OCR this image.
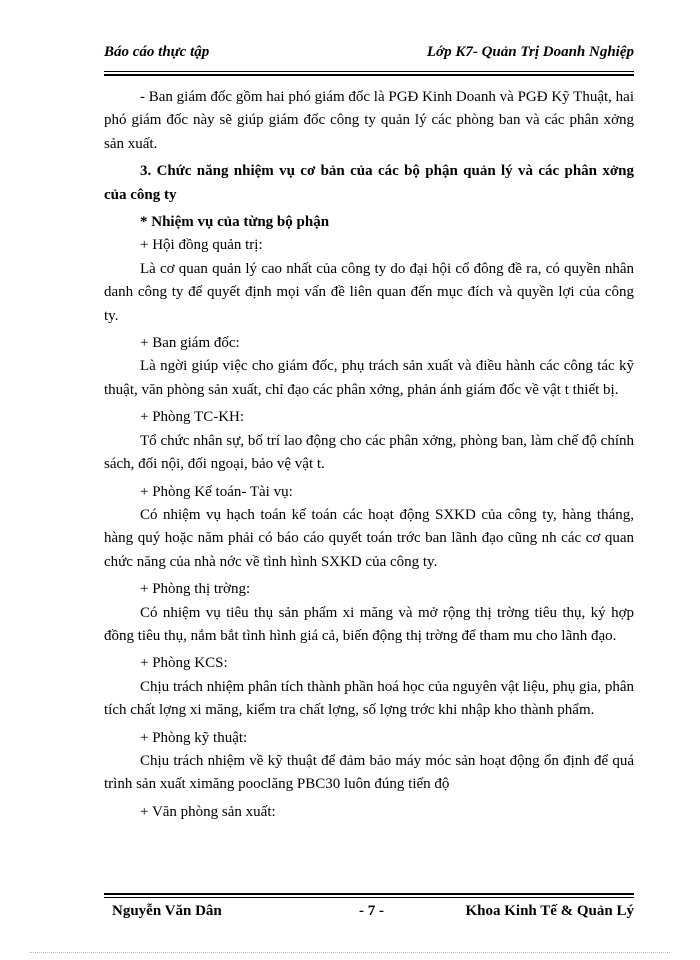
Báo cáo thực tập	Lớp K7- Quản Trị Doanh Nghiệp

- Ban giám đốc gồm hai phó giám đốc là PGĐ Kinh Doanh và PGĐ Kỹ Thuật, hai phó giám đốc này sẽ giúp giám đốc công ty quản lý các phòng ban và các phân xởng sản xuất.

3. Chức năng nhiệm vụ cơ bản của các bộ phận quản lý và các phân xởng của công ty

* Nhiệm vụ của từng bộ phận

+ Hội đồng quản trị:

Là cơ quan quản lý cao nhất của công ty do đại hội cổ đông đề ra, có quyền nhân danh công ty để quyết định mọi vấn đề liên quan đến mục đích và quyền lợi của công ty.

+ Ban giám đốc:

Là ngời giúp việc cho giám đốc, phụ trách sản xuất và điều hành các công tác kỹ thuật, văn phòng sản xuất, chỉ đạo các phân xởng, phản ánh giám đốc về vật t thiết bị.

+ Phòng TC-KH:

Tổ chức nhân sự, bố trí lao động cho các phân xởng, phòng ban, làm chế độ chính sách, đối nội, đối ngoại, bảo vệ vật t.

+ Phòng Kế toán- Tài vụ:

Có nhiệm vụ hạch toán kế toán các hoạt động SXKD của công ty, hàng tháng, hàng quý hoặc năm phải có báo cáo quyết toán trớc ban lãnh đạo cũng nh các cơ quan chức năng của nhà nớc về tình hình SXKD của công ty.

+ Phòng thị trờng:

Có nhiệm vụ tiêu thụ sản phẩm xi măng và mở rộng thị trờng tiêu thụ, ký hợp đồng tiêu thụ, nắm bắt tình hình giá cả, biến động thị trờng để tham mu cho lãnh đạo.

+ Phòng KCS:

Chịu trách nhiệm phân tích thành phần hoá học của nguyên vật liệu, phụ gia, phân tích chất lợng xi măng, kiểm tra chất lợng, số lợng trớc khi nhập kho thành phẩm.

+ Phòng kỹ thuật:

Chịu trách nhiệm về kỹ thuật để đảm bảo máy móc sản hoạt động ổn định để quá trình sản xuất ximăng pooclăng PBC30 luôn đúng tiến độ

+ Văn phòng sản xuất:

Nguyễn Văn Dân	- 7 -	Khoa Kinh Tế & Quản Lý
